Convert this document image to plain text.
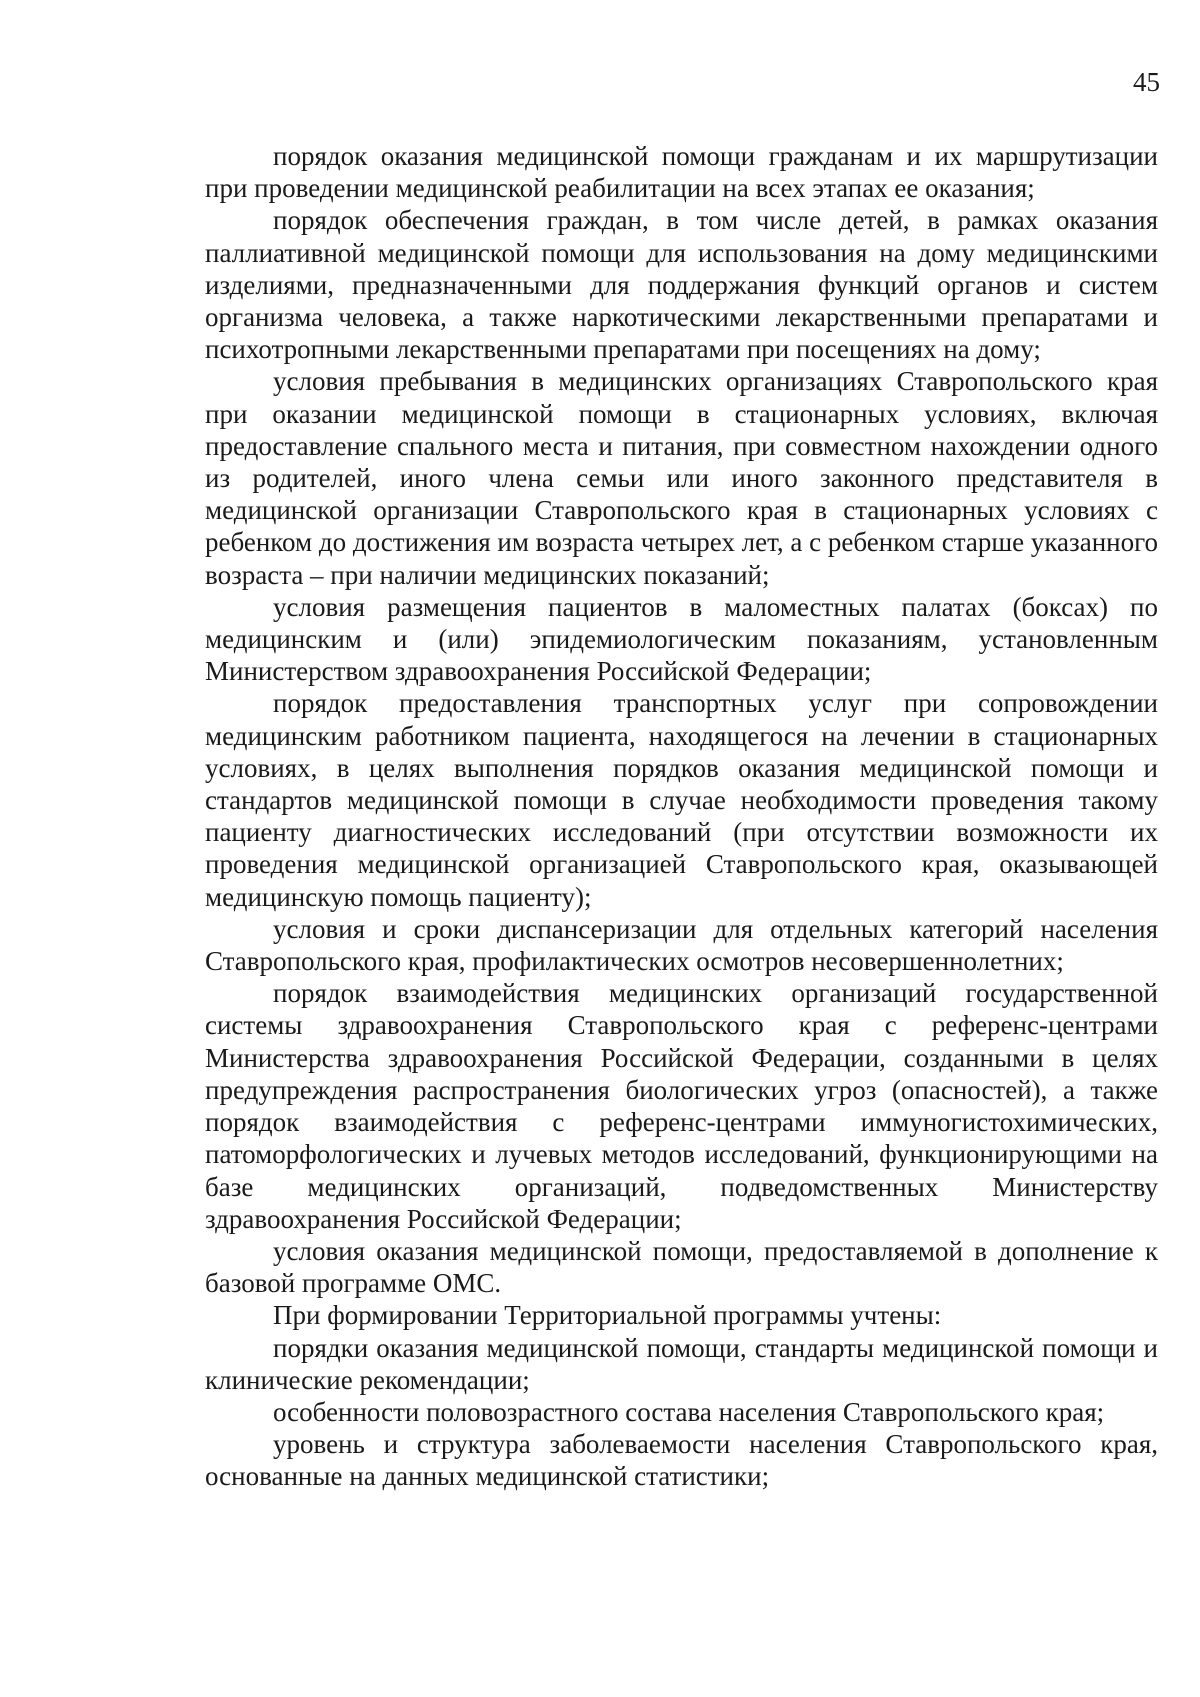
45

порядок оказания медицинской помощи гражданам и их маршрутизации при проведении медицинской реабилитации на всех этапах ее оказания;

порядок обеспечения граждан, в том числе детей, в рамках оказания паллиативной медицинской помощи для использования на дому медицинскими изделиями, предназначенными для поддержания функций органов и систем организма человека, а также наркотическими лекарственными препаратами и психотропными лекарственными препаратами при посещениях на дому;

условия пребывания в медицинских организациях Ставропольского края при оказании медицинской помощи в стационарных условиях, включая предоставление спального места и питания, при совместном нахождении одного из родителей, иного члена семьи или иного законного представителя в медицинской организации Ставропольского края в стационарных условиях с ребенком до достижения им возраста четырех лет, а с ребенком старше указанного возраста – при наличии медицинских показаний;

условия размещения пациентов в маломестных палатах (боксах) по медицинским и (или) эпидемиологическим показаниям, установленным Министерством здравоохранения Российской Федерации;

порядок предоставления транспортных услуг при сопровождении медицинским работником пациента, находящегося на лечении в стационарных условиях, в целях выполнения порядков оказания медицинской помощи и стандартов медицинской помощи в случае необходимости проведения такому пациенту диагностических исследований (при отсутствии возможности их проведения медицинской организацией Ставропольского края, оказывающей медицинскую помощь пациенту);

условия и сроки диспансеризации для отдельных категорий населения Ставропольского края, профилактических осмотров несовершеннолетних;

порядок взаимодействия медицинских организаций государственной системы здравоохранения Ставропольского края с референс-центрами Министерства здравоохранения Российской Федерации, созданными в целях предупреждения распространения биологических угроз (опасностей), а также порядок взаимодействия с референс-центрами иммуногистохимических, патоморфологических и лучевых методов исследований, функционирующими на базе медицинских организаций, подведомственных Министерству здравоохранения Российской Федерации;

условия оказания медицинской помощи, предоставляемой в дополнение к базовой программе ОМС.

При формировании Территориальной программы учтены:

порядки оказания медицинской помощи, стандарты медицинской помощи и клинические рекомендации;

особенности половозрастного состава населения Ставропольского края;

уровень и структура заболеваемости населения Ставропольского края, основанные на данных медицинской статистики;
